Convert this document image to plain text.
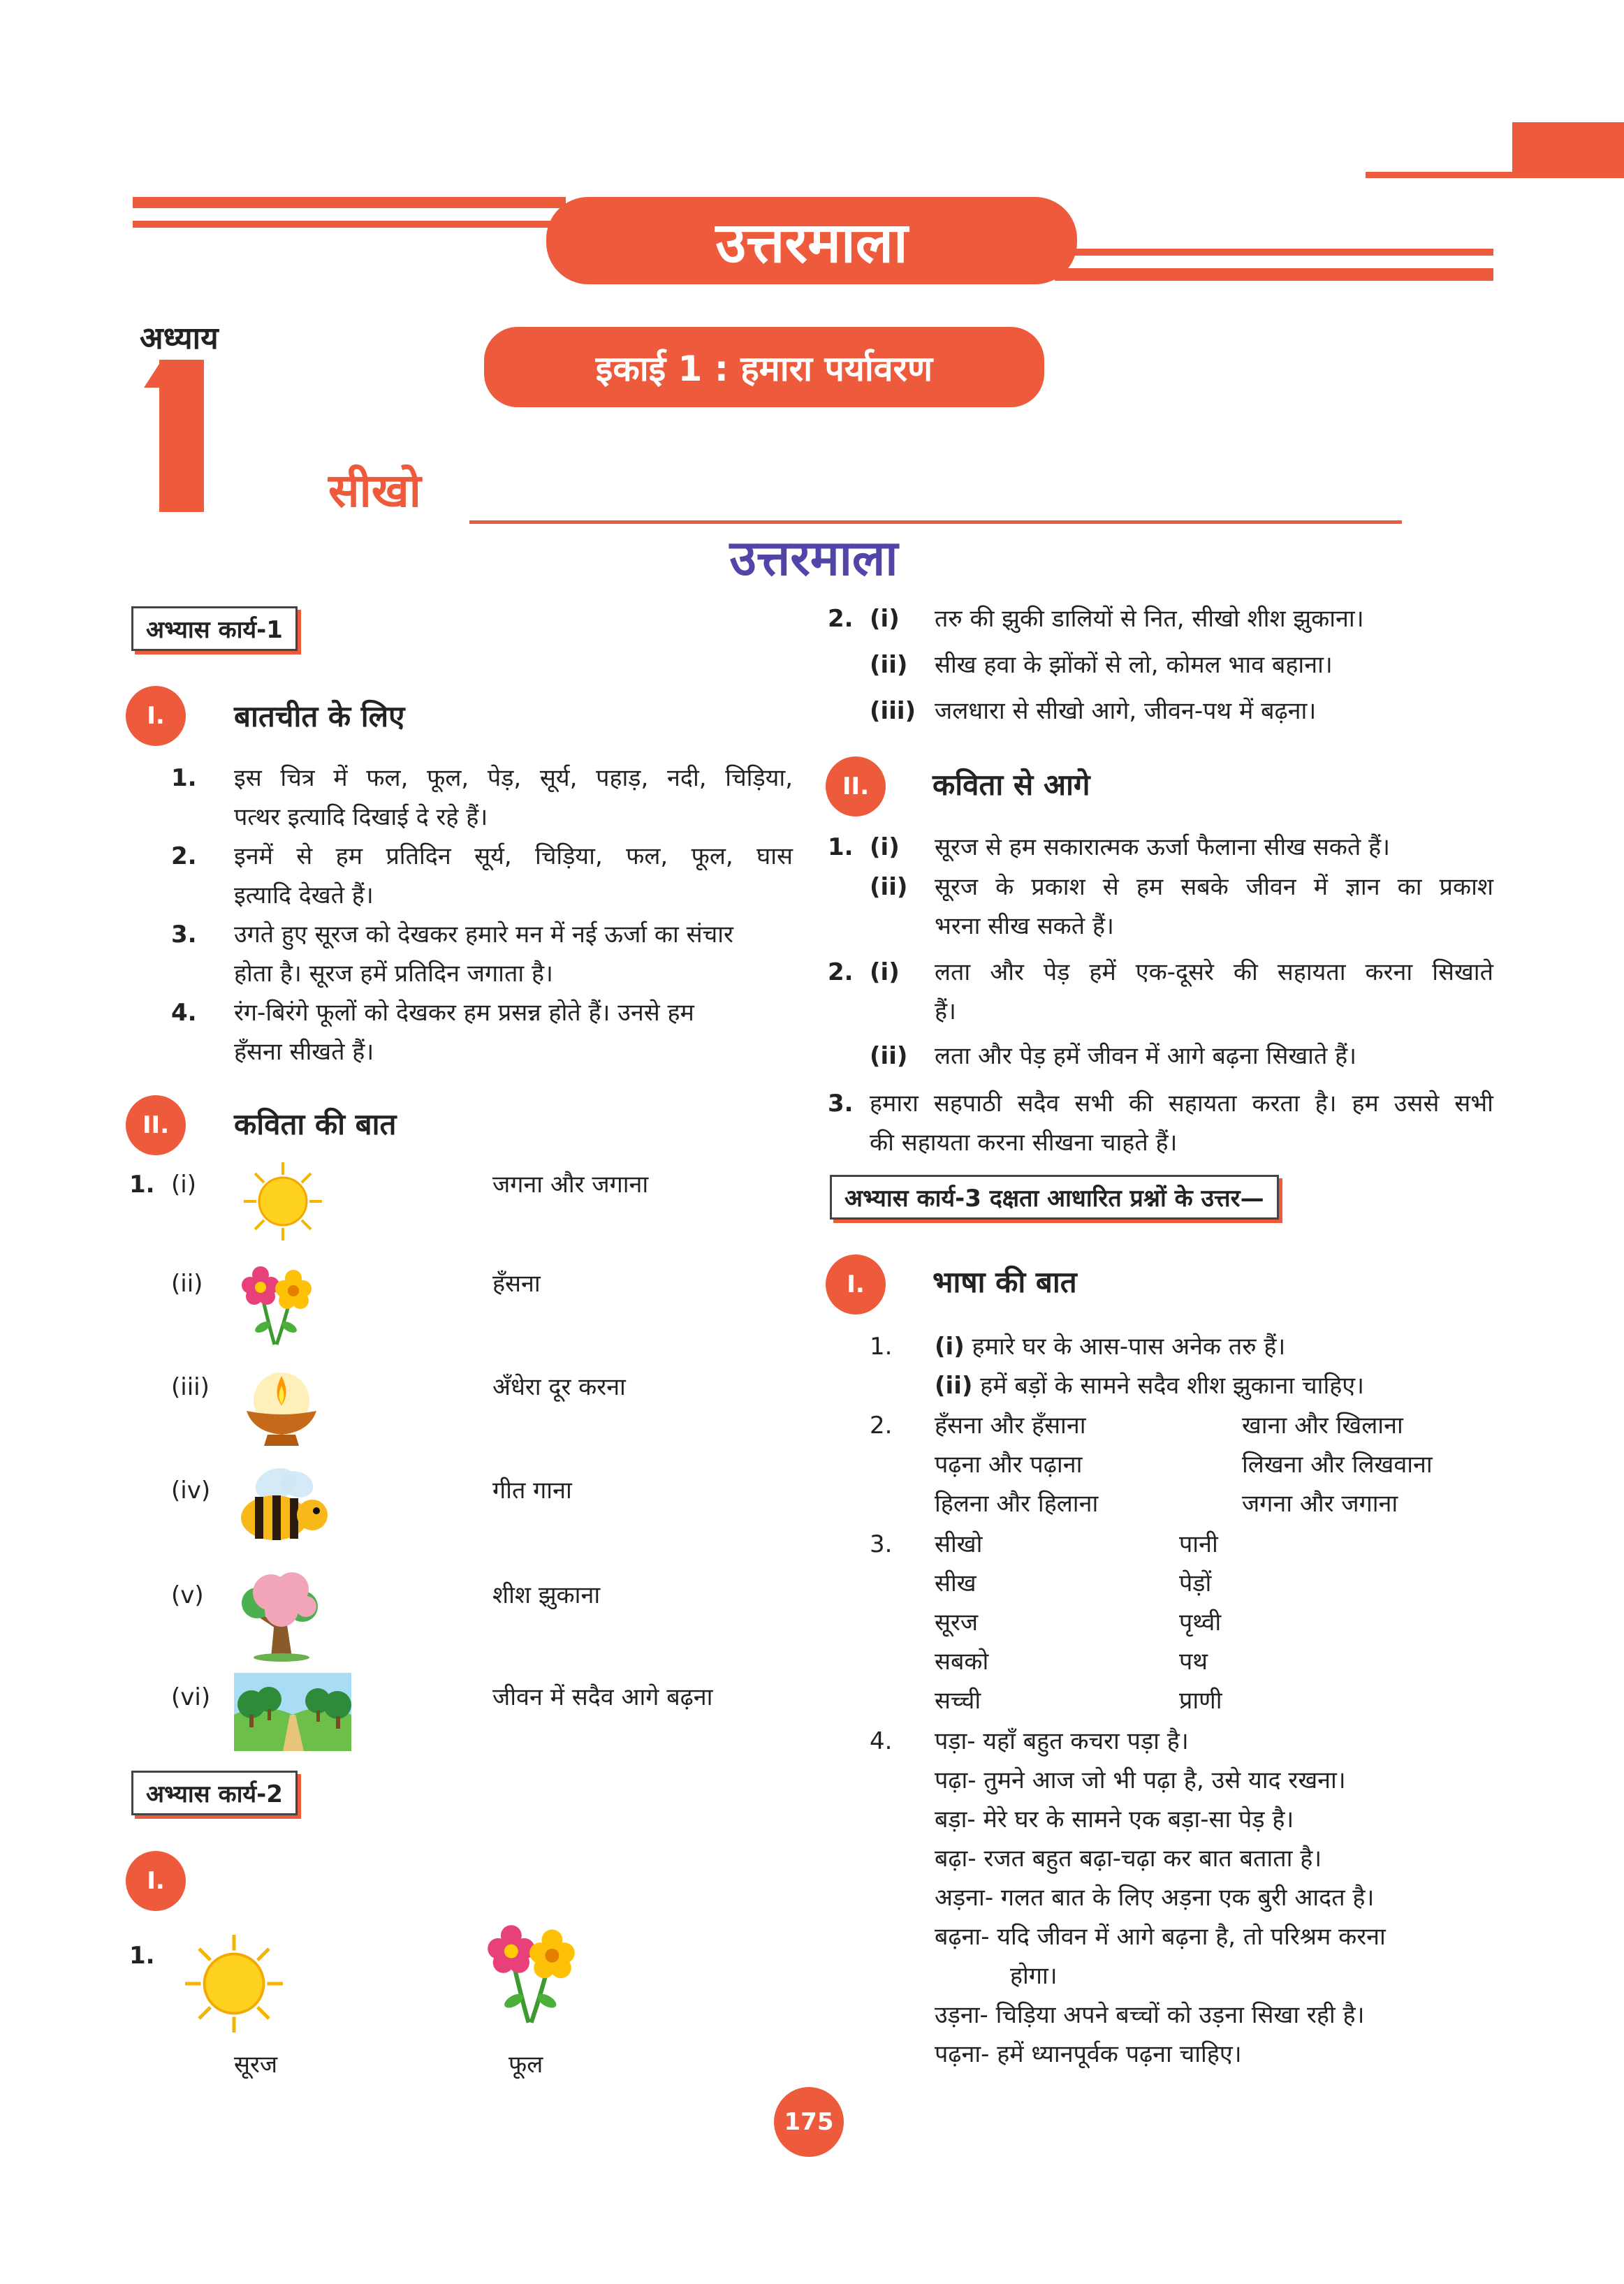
उत्तरमाला
इकाई 1 : हमारा पर्यावरण
अध्याय
सीखो
उत्तरमाला
अभ्यास कार्य-1
I.	बातचीत के लिए
1. इस चित्र में फल, फूल, पेड़, सूर्य, पहाड़, नदी, चिड़िया,
पत्थर इत्यादि दिखाई दे रहे हैं।
2. इनमें से हम प्रतिदिन सूर्य, चिड़िया, फल, फूल, घास
इत्यादि देखते हैं।
3. उगते हुए सूरज को देखकर हमारे मन में नई ऊर्जा का संचार
होता है। सूरज हमें प्रतिदिन जगाता है।
4. रंग-बिरंगे फूलों को देखकर हम प्रसन्न होते हैं। उनसे हम
हँसना सीखते हैं।
II.	कविता की बात
1. (i)	जगना और जगाना
(ii)	हँसना
(iii)	अँधेरा दूर करना
(iv)	गीत गाना
(v)	शीश झुकाना
(vi)	जीवन में सदैव आगे बढ़ना
अभ्यास कार्य-2
I.
1.
सूरज	फूल
2. (i) तरु की झुकी डालियों से नित, सीखो शीश झुकाना।
(ii) सीख हवा के झोंकों से लो, कोमल भाव बहाना।
(iii) जलधारा से सीखो आगे, जीवन-पथ में बढ़ना।
II.	कविता से आगे
1. (i) सूरज से हम सकारात्मक ऊर्जा फैलाना सीख सकते हैं।
(ii) सूरज के प्रकाश से हम सबके जीवन में ज्ञान का प्रकाश
भरना सीख सकते हैं।
2. (i) लता और पेड़ हमें एक-दूसरे की सहायता करना सिखाते
हैं।
(ii) लता और पेड़ हमें जीवन में आगे बढ़ना सिखाते हैं।
3. हमारा सहपाठी सदैव सभी की सहायता करता है। हम उससे सभी
की सहायता करना सीखना चाहते हैं।
अभ्यास कार्य-3 दक्षता आधारित प्रश्नों के उत्तर—
I.	भाषा की बात
1. (i) हमारे घर के आस-पास अनेक तरु हैं।
(ii) हमें बड़ों के सामने सदैव शीश झुकाना चाहिए।
2. हँसना और हँसाना	खाना और खिलाना
पढ़ना और पढ़ाना	लिखना और लिखवाना
हिलना और हिलाना	जगना और जगाना
3. सीखो	पानी
सीख	पेड़ों
सूरज	पृथ्वी
सबको	पथ
सच्ची	प्राणी
4. पड़ा- यहाँ बहुत कचरा पड़ा है।
पढ़ा- तुमने आज जो भी पढ़ा है, उसे याद रखना।
बड़ा- मेरे घर के सामने एक बड़ा-सा पेड़ है।
बढ़ा- रजत बहुत बढ़ा-चढ़ा कर बात बताता है।
अड़ना- गलत बात के लिए अड़ना एक बुरी आदत है।
बढ़ना- यदि जीवन में आगे बढ़ना है, तो परिश्रम करना
होगा।
उड़ना- चिड़िया अपने बच्चों को उड़ना सिखा रही है।
पढ़ना- हमें ध्यानपूर्वक पढ़ना चाहिए।
175
